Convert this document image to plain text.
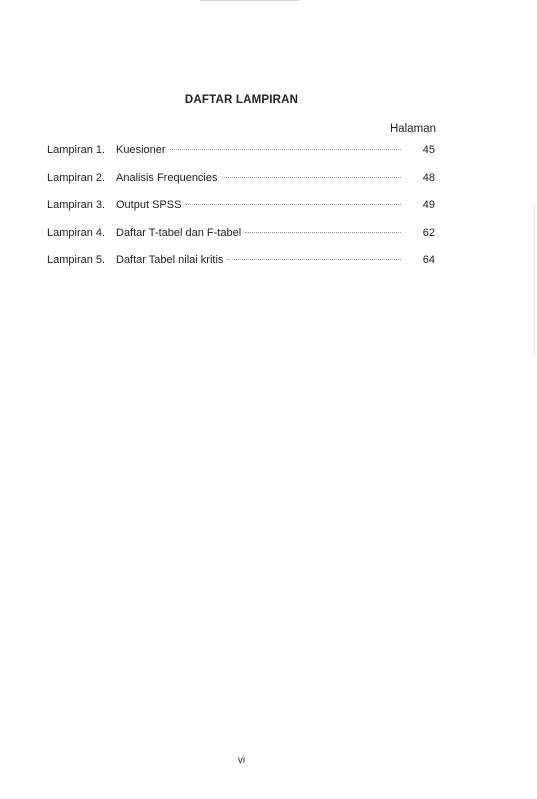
DAFTAR LAMPIRAN
Halaman
Lampiran 1. Kuesioner	45
Lampiran 2. Analisis Frequencies	48
Lampiran 3. Output SPSS	49
Lampiran 4. Daftar T-tabel dan F-tabel	62
Lampiran 5. Daftar Tabel nilai kritis	64
vi
